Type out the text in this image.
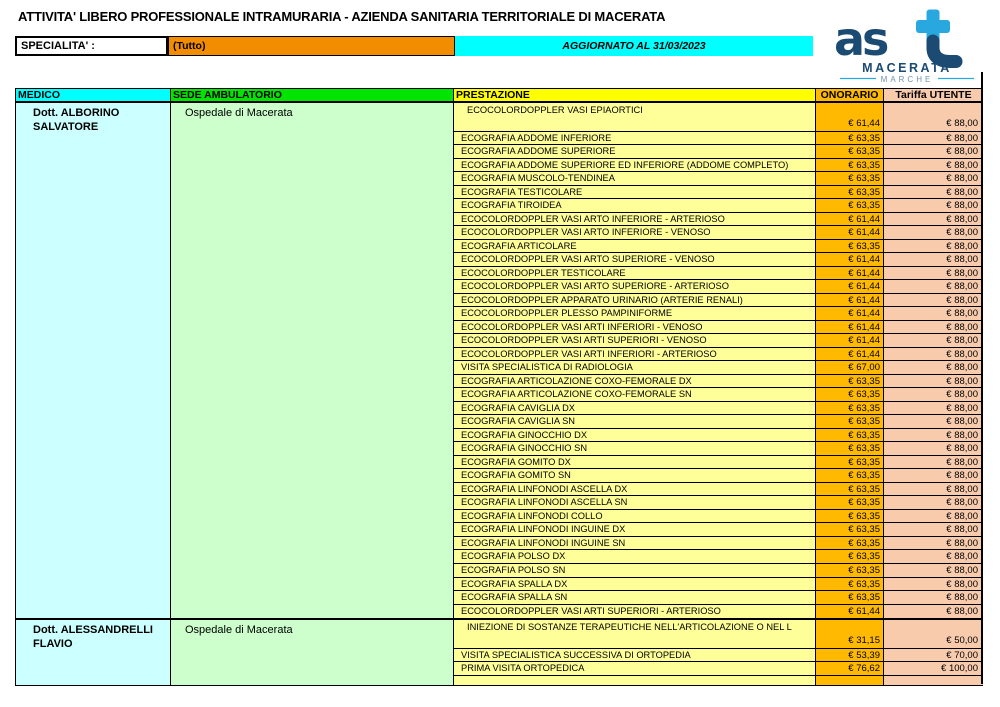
ATTIVITA' LIBERO PROFESSIONALE INTRAMURARIA - AZIENDA SANITARIA TERRITORIALE DI MACERATA
SPECIALITA' :	(Tutto)	AGGIORNATO AL 31/03/2023	as
MACERATA
MARCHE
MEDICO	SEDE AMBULATORIO	PRESTAZIONE	ONORARIO	Tariffa UTENTE
Dott. ALBORINO SALVATORE
Ospedale di Macerata	ECOCOLORDOPPLER VASI EPIAORTICI
€ 61,44	€ 88,00
ECOGRAFIA ADDOME INFERIORE	€ 63,35	€ 88,00
ECOGRAFIA ADDOME SUPERIORE	€ 63,35	€ 88,00
ECOGRAFIA ADDOME SUPERIORE ED INFERIORE (ADDOME COMPLETO)	€ 63,35	€ 88,00
ECOGRAFIA MUSCOLO-TENDINEA	€ 63,35	€ 88,00
ECOGRAFIA TESTICOLARE	€ 63,35	€ 88,00
ECOGRAFIA TIROIDEA	€ 63,35	€ 88,00
ECOCOLORDOPPLER VASI ARTO INFERIORE - ARTERIOSO	€ 61,44	€ 88,00
ECOCOLORDOPPLER VASI ARTO INFERIORE - VENOSO	€ 61,44	€ 88,00
ECOGRAFIA ARTICOLARE	€ 63,35	€ 88,00
ECOCOLORDOPPLER VASI ARTO SUPERIORE - VENOSO	€ 61,44	€ 88,00
ECOCOLORDOPPLER TESTICOLARE	€ 61,44	€ 88,00
ECOCOLORDOPPLER VASI ARTO SUPERIORE - ARTERIOSO	€ 61,44	€ 88,00
ECOCOLORDOPPLER APPARATO URINARIO (ARTERIE RENALI)	€ 61,44	€ 88,00
ECOCOLORDOPPLER PLESSO PAMPINIFORME	€ 61,44	€ 88,00
ECOCOLORDOPPLER VASI ARTI INFERIORI - VENOSO	€ 61,44	€ 88,00
ECOCOLORDOPPLER VASI ARTI SUPERIORI - VENOSO	€ 61,44	€ 88,00
ECOCOLORDOPPLER VASI ARTI INFERIORI - ARTERIOSO	€ 61,44	€ 88,00
VISITA SPECIALISTICA DI RADIOLOGIA	€ 67,00	€ 88,00
ECOGRAFIA ARTICOLAZIONE COXO-FEMORALE DX	€ 63,35	€ 88,00
ECOGRAFIA ARTICOLAZIONE COXO-FEMORALE SN	€ 63,35	€ 88,00
ECOGRAFIA CAVIGLIA DX	€ 63,35	€ 88,00
ECOGRAFIA CAVIGLIA SN	€ 63,35	€ 88,00
ECOGRAFIA GINOCCHIO DX	€ 63,35	€ 88,00
ECOGRAFIA GINOCCHIO SN	€ 63,35	€ 88,00
ECOGRAFIA GOMITO DX	€ 63,35	€ 88,00
ECOGRAFIA GOMITO SN	€ 63,35	€ 88,00
ECOGRAFIA LINFONODI ASCELLA DX	€ 63,35	€ 88,00
ECOGRAFIA LINFONODI ASCELLA SN	€ 63,35	€ 88,00
ECOGRAFIA LINFONODI COLLO	€ 63,35	€ 88,00
ECOGRAFIA LINFONODI INGUINE DX	€ 63,35	€ 88,00
ECOGRAFIA LINFONODI INGUINE SN	€ 63,35	€ 88,00
ECOGRAFIA POLSO DX	€ 63,35	€ 88,00
ECOGRAFIA POLSO SN	€ 63,35	€ 88,00
ECOGRAFIA SPALLA DX	€ 63,35	€ 88,00
ECOGRAFIA SPALLA SN	€ 63,35	€ 88,00
ECOCOLORDOPPLER VASI ARTI SUPERIORI - ARTERIOSO	€ 61,44	€ 88,00
Dott. ALESSANDRELLI FLAVIO
Ospedale di Macerata	INIEZIONE DI SOSTANZE TERAPEUTICHE NELL'ARTICOLAZIONE O NEL L
€ 31,15	€ 50,00
VISITA SPECIALISTICA SUCCESSIVA DI ORTOPEDIA	€ 53,39	€ 70,00
PRIMA VISITA ORTOPEDICA	€ 76,62	€ 100,00
